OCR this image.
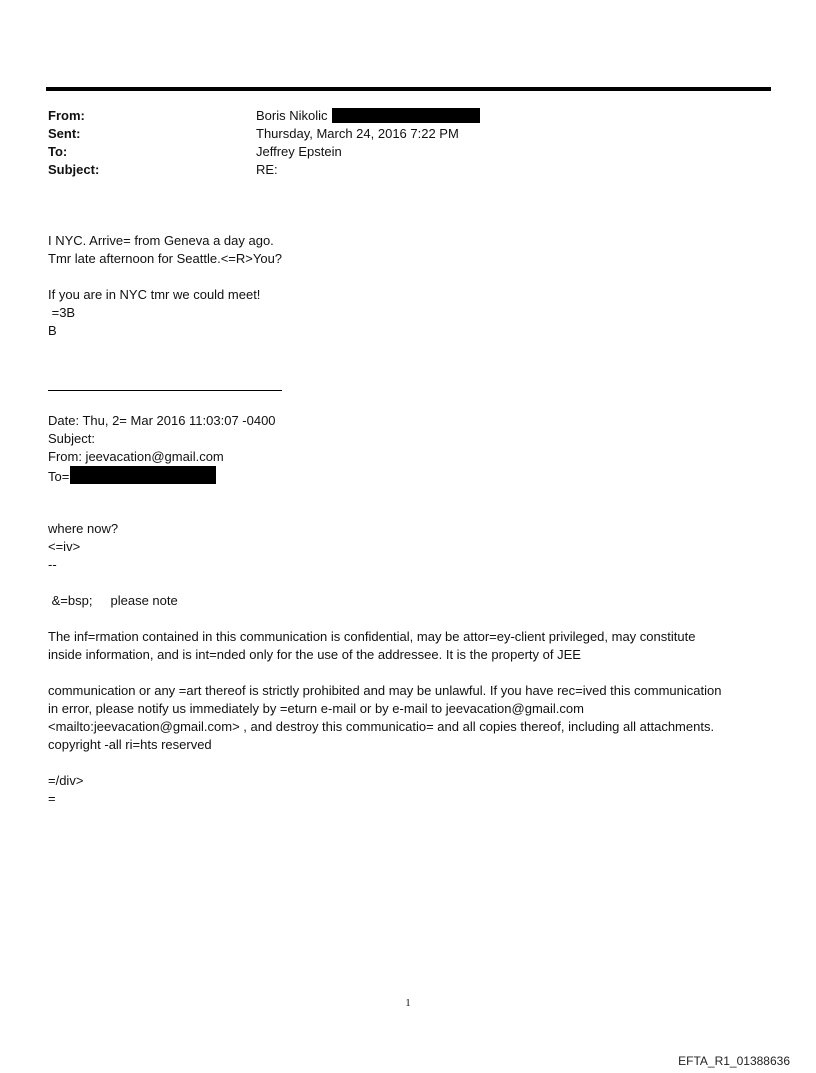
From:	Boris Nikolic
Sent:	Thursday, March 24, 2016 7:22 PM
To:	Jeffrey Epstein
Subject:	RE:
I NYC. Arrive= from Geneva a day ago.
Tmr late afternoon for Seattle.<=R>You?
If you are in NYC tmr we could meet!
=3B
B
Date: Thu, 2= Mar 2016 11:03:07 -0400
Subject:
From: jeevacation@gmail.com
To=
where now?
<=iv>
--
&=bsp;     please note
The inf=rmation contained in this communication is confidential, may be attor=ey-client privileged, may constitute
inside information, and is int=nded only for the use of the addressee. It is the property of JEE
communication or any =art thereof is strictly prohibited and may be unlawful. If you have rec=ived this communication
in error, please notify us immediately by =eturn e-mail or by e-mail to jeevacation@gmail.com
<mailto:jeevacation@gmail.com> , and destroy this communicatio= and all copies thereof, including all attachments.
copyright -all ri=hts reserved
=/div>
=
1
EFTA_R1_01388636
